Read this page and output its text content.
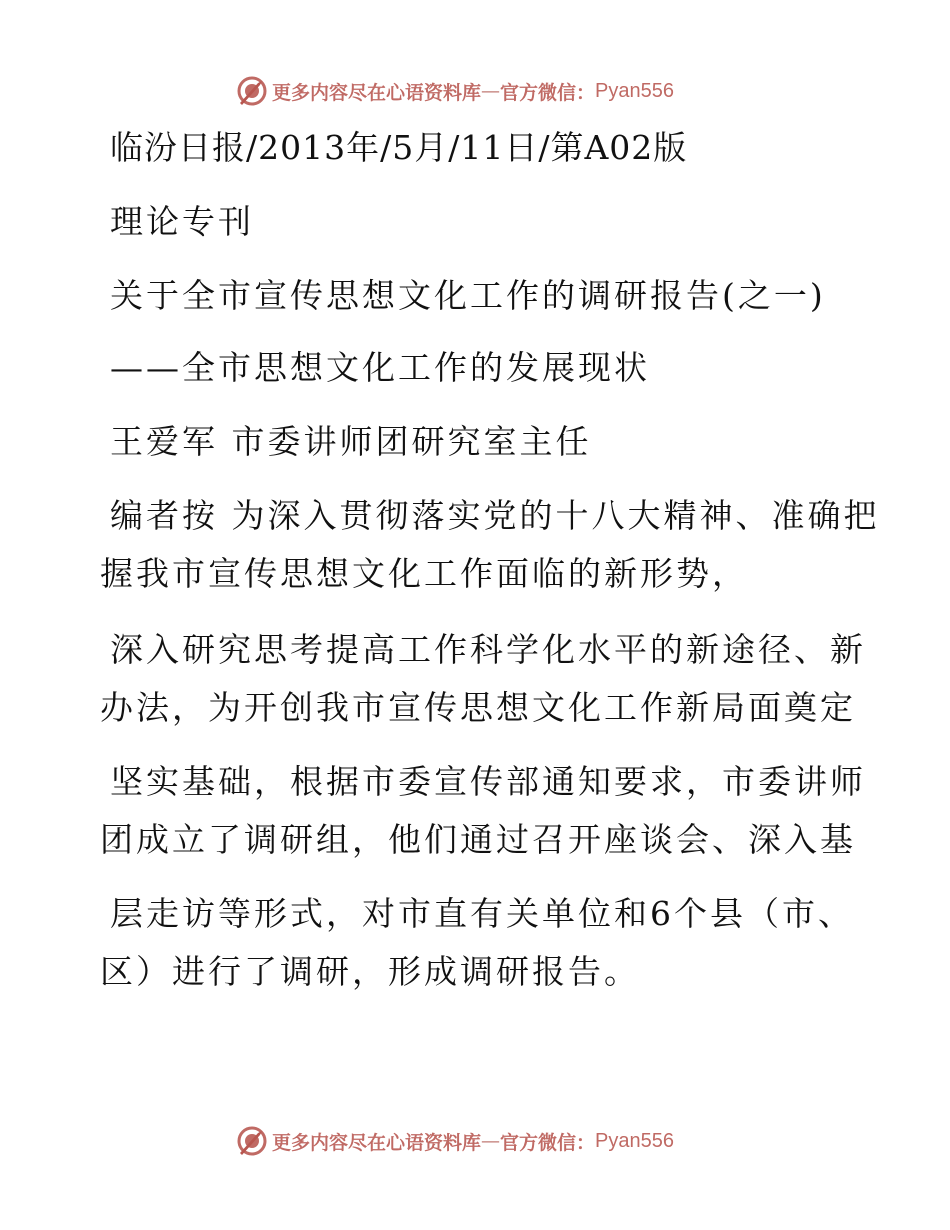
更多内容尽在心语资料库 — 官方微信： Pyan556
临汾日报/2013年/5月/11日/第A02版
理论专刊
关于全市宣传思想文化工作的调研报告(之一)
——全市思想文化工作的发展现状
王爱军 市委讲师团研究室主任
编者按 为深入贯彻落实党的十八大精神、准确把
握我市宣传思想文化工作面临的新形势，
深入研究思考提高工作科学化水平的新途径、新
办法，为开创我市宣传思想文化工作新局面奠定
坚实基础，根据市委宣传部通知要求，市委讲师
团成立了调研组，他们通过召开座谈会、深入基
层走访等形式，对市直有关单位和6个县（市、
区）进行了调研，形成调研报告。
更多内容尽在心语资料库 — 官方微信： Pyan556
